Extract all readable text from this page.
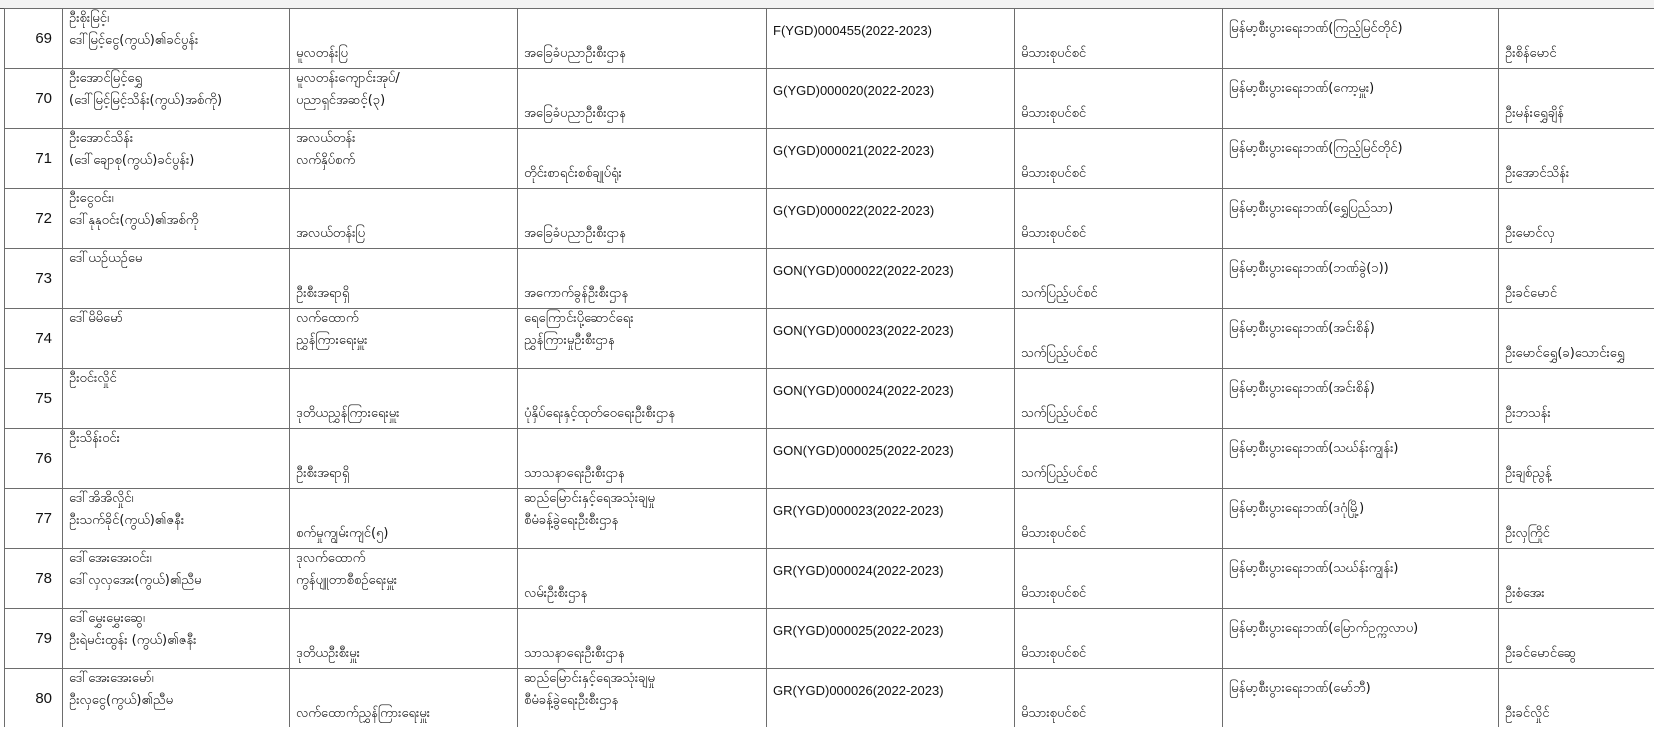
69	ဦးစိုးမြင့်၊
ဒေါ်မြင့်ငွေ(ကွယ်)၏ခင်ပွန်း	မူလတန်းပြ	အခြေခံပညာဦးစီးဌာန	F(YGD)000455(2022-2023)	မိသားစုပင်စင်	မြန်မာ့စီးပွားရေးဘဏ်(ကြည့်မြင်တိုင်)	ဦးစိန်မောင်

70	ဦးအောင်မြင့်ရွှေ
(ဒေါ်မြင့်မြင့်သိန်း(ကွယ်)အစ်ကို)	မူလတန်းကျောင်းအုပ်/
ပညာရှင်အဆင့်(၃)	အခြေခံပညာဦးစီးဌာန	G(YGD)000020(2022-2023)	မိသားစုပင်စင်	မြန်မာ့စီးပွားရေးဘဏ်(ကော့မှူး)	ဦးမန်းရွှေချိန်

71	ဦးအောင်သိန်း
(ဒေါ်ချောစု(ကွယ်)ခင်ပွန်း)	အလယ်တန်း
လက်နှိပ်စက်	တိုင်းစာရင်းစစ်ချုပ်ရုံး	G(YGD)000021(2022-2023)	မိသားစုပင်စင်	မြန်မာ့စီးပွားရေးဘဏ်(ကြည့်မြင်တိုင်)	ဦးအောင်သိန်း

72	ဦးငွေဝင်း၊
ဒေါ်နုနုဝင်း(ကွယ်)၏အစ်ကို	အလယ်တန်းပြ	အခြေခံပညာဦးစီးဌာန	G(YGD)000022(2022-2023)	မိသားစုပင်စင်	မြန်မာ့စီးပွားရေးဘဏ်(ရွှေပြည်သာ)	ဦးမောင်လှ

73	ဒေါ်ယဉ်ယဉ်မေ	ဦးစီးအရာရှိ	အကောက်ခွန်ဦးစီးဌာန	GON(YGD)000022(2022-2023)	သက်ပြည့်ပင်စင်	မြန်မာ့စီးပွားရေးဘဏ်(ဘဏ်ခွဲ(၁))	ဦးခင်မောင်

74	ဒေါ်မိမိမော်	လက်ထောက်
ညွှန်ကြားရေးမှူး	ရေကြောင်းပို့ဆောင်ရေး
ညွှန်ကြားမှုဦးစီးဌာန	GON(YGD)000023(2022-2023)	သက်ပြည့်ပင်စင်	မြန်မာ့စီးပွားရေးဘဏ်(အင်းစိန်)	ဦးမောင်ရွှေ(ခ)သောင်းရွှေ

75	ဦးဝင်းလှိုင်	ဒုတိယညွှန်ကြားရေးမှူး	ပုံနှိပ်ရေးနှင့်ထုတ်ဝေရေးဦးစီးဌာန	GON(YGD)000024(2022-2023)	သက်ပြည့်ပင်စင်	မြန်မာ့စီးပွားရေးဘဏ်(အင်းစိန်)	ဦးဘသန်း

76	ဦးသိန်းဝင်း	ဦးစီးအရာရှိ	သာသနာရေးဦးစီးဌာန	GON(YGD)000025(2022-2023)	သက်ပြည့်ပင်စင်	မြန်မာ့စီးပွားရေးဘဏ်(သဃ်န်းကျွန်း)	ဦးချစ်ညွန့်

77	ဒေါ်အိအိလှိုင်၊
ဦးသက်ခိုင်(ကွယ်)၏ဇနီး	စက်မှုကျွမ်းကျင်(၅)	ဆည်မြောင်းနှင့်ရေအသုံးချမှု
စီမံခန့်ခွဲရေးဦးစီးဌာန	GR(YGD)000023(2022-2023)	မိသားစုပင်စင်	မြန်မာ့စီးပွားရေးဘဏ်(ဒဂုံမြို့)	ဦးလှကြိုင်

78	ဒေါ်အေးအေးဝင်း၊
ဒေါ်လှလှအေး(ကွယ်)၏ညီမ	ဒုလက်ထောက်
ကွန်ပျူတာစီစဉ်ရေးမှူး	လမ်းဦးစီးဌာန	GR(YGD)000024(2022-2023)	မိသားစုပင်စင်	မြန်မာ့စီးပွားရေးဘဏ်(သဃ်န်းကျွန်း)	ဦးစံအေး

79	ဒေါ်မွှေးမွှေးဆွေ၊
ဦးရဲမင်းထွန်း (ကွယ်)၏ဇနီး	ဒုတိယဦးစီးမှူး	သာသနာရေးဦးစီးဌာန	GR(YGD)000025(2022-2023)	မိသားစုပင်စင်	မြန်မာ့စီးပွားရေးဘဏ်(မြောက်ဥက္ကလာပ)	ဦးခင်မောင်ဆွေ

80	ဒေါ်အေးအေးမော်၊
ဦးလှငွေ(ကွယ်)၏ညီမ	လက်ထောက်ညွှန်ကြားရေးမှူး	ဆည်မြောင်းနှင့်ရေအသုံးချမှု
စီမံခန့်ခွဲရေးဦးစီးဌာန	GR(YGD)000026(2022-2023)	မိသားစုပင်စင်	မြန်မာ့စီးပွားရေးဘဏ်(မော်ဘီ)	ဦးခင်လှိုင်
